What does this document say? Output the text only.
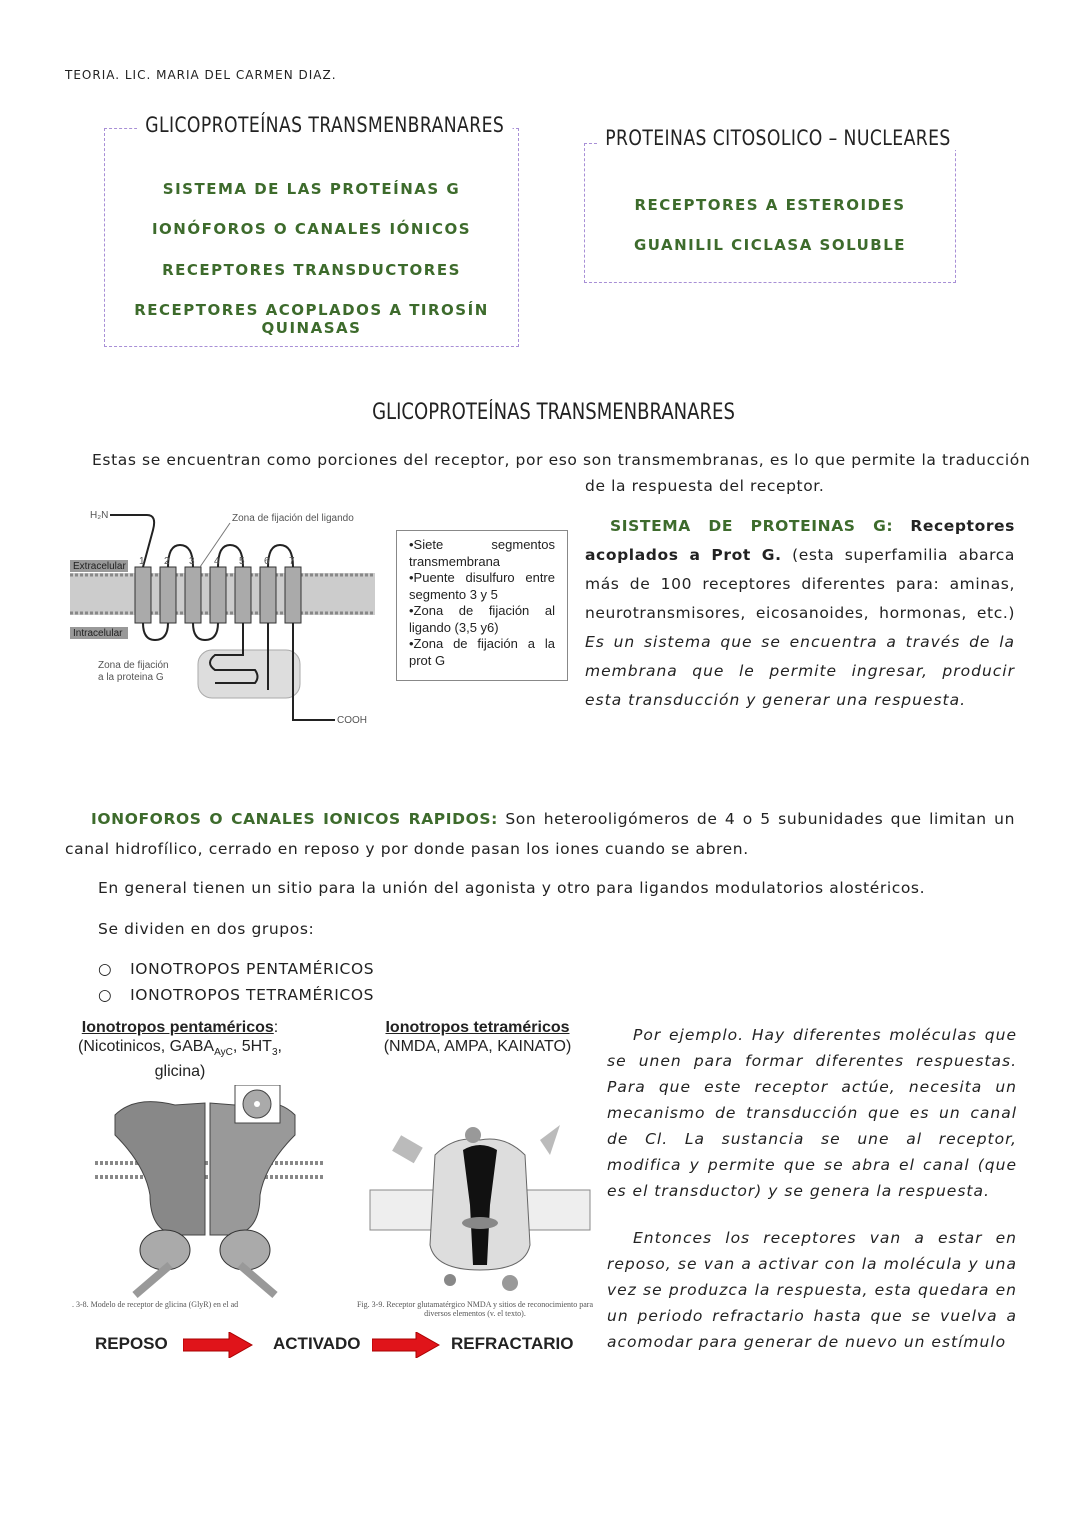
TEORIA. LIC. MARIA DEL CARMEN DIAZ.
GLICOPROTEÍNAS TRANSMENBRANARES
SISTEMA DE LAS PROTEÍNAS G
IONÓFOROS O CANALES IÓNICOS
RECEPTORES TRANSDUCTORES
RECEPTORES ACOPLADOS A TIROSÍN QUINASAS
PROTEINAS CITOSOLICO – NUCLEARES
RECEPTORES A ESTEROIDES
GUANILIL CICLASA SOLUBLE
GLICOPROTEÍNAS TRANSMENBRANARES
Estas se encuentran como porciones del receptor, por eso son transmembranas, es lo que permite la traducción
de la respuesta del receptor.
H₂N	Zona de fijación del ligando
Extracelular
Intracelular
Zona de fijación
a la proteina G
COOH
1 2 3 4 5 6 7
•Siete segmentos transmembrana
•Puente disulfuro entre segmento 3 y 5
•Zona de fijación al ligando (3,5 y6)
•Zona de fijación a la prot G
SISTEMA DE PROTEINAS G: Receptores acoplados a Prot G. (esta superfamilia abarca más de 100 receptores diferentes para: aminas, neurotransmisores, eicosanoides, hormonas, etc.) Es un sistema que se encuentra a través de la membrana que le permite ingresar, producir esta transducción y generar una respuesta.
IONOFOROS O CANALES IONICOS RAPIDOS: Son heterooligómeros de 4 o 5 subunidades que limitan un canal hidrofílico, cerrado en reposo y por donde pasan los iones cuando se abren.
En general tienen un sitio para la unión del agonista y otro para ligandos modulatorios alostéricos.
Se dividen en dos grupos:
○ IONOTROPOS PENTAMÉRICOS
○ IONOTROPOS TETRAMÉRICOS
Ionotropos pentaméricos:
(Nicotinicos, $GABA_{AyC}$, $5HT_3$,
glicina)
Ionotropos tetraméricos
(NMDA, AMPA, KAINATO)
. 3-8. Modelo de receptor de glicina (GlyR) en el ad	Fig. 3-9. Receptor glutamatérgico NMDA y sitios de reconocimiento para diversos elementos (v. el texto).
REPOSO	ACTIVADO	REFRACTARIO
Por ejemplo. Hay diferentes moléculas que se unen para formar diferentes respuestas. Para que este receptor actúe, necesita un mecanismo de transducción que es un canal de Cl. La sustancia se une al receptor, modifica y permite que se abra el canal (que es el transductor) y se genera la respuesta.
Entonces los receptores van a estar en reposo, se van a activar con la molécula y una vez se produzca la respuesta, esta quedara en un periodo refractario hasta que se vuelva a acomodar para generar de nuevo un estímulo
